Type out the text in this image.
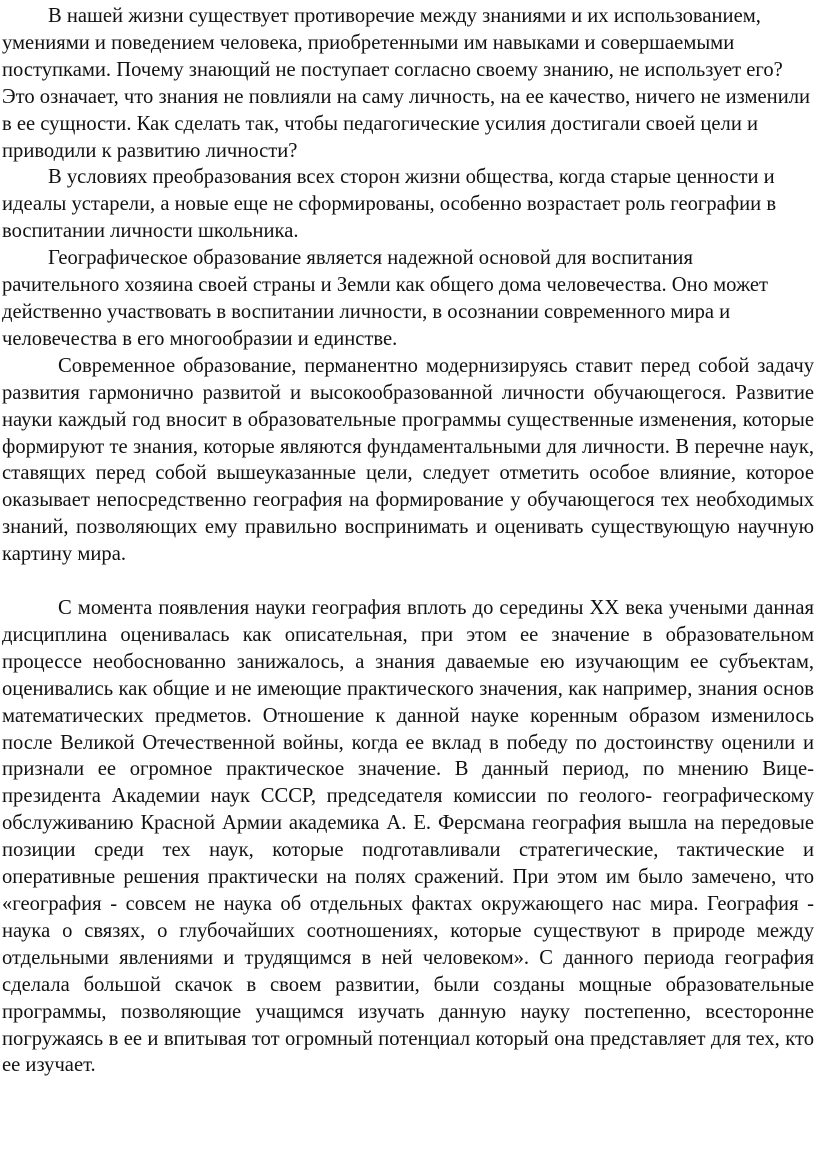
В нашей жизни существует противоречие между знаниями и их использованием, умениями и поведением человека, приобретенными им навыками и совершаемыми поступками. Почему знающий не поступает согласно своему знанию, не использует его? Это означает, что знания не повлияли на саму личность, на ее качество, ничего не изменили в ее сущности. Как сделать так, чтобы педагогические усилия достигали своей цели и приводили к развитию личности?

В условиях преобразования всех сторон жизни общества, когда старые ценности и идеалы устарели, а новые еще не сформированы, особенно возрастает роль географии в воспитании личности школьника.

Географическое образование является надежной основой для воспитания рачительного хозяина своей страны и Земли как общего дома человечества. Оно может действенно участвовать в воспитании личности, в осознании современного мира и человечества в его многообразии и единстве.

Современное образование, перманентно модернизируясь ставит перед собой задачу развития гармонично развитой и высокообразованной личности обучающегося. Развитие науки каждый год вносит в образовательные программы существенные изменения, которые формируют те знания, которые являются фундаментальными для личности. В перечне наук, ставящих перед собой вышеуказанные цели, следует отметить особое влияние, которое оказывает непосредственно география на формирование у обучающегося тех необходимых знаний, позволяющих ему правильно воспринимать и оценивать существующую научную картину мира.

С момента появления науки география вплоть до середины XX века учеными данная дисциплина оценивалась как описательная, при этом ее значение в образовательном процессе необоснованно занижалось, а знания даваемые ею изучающим ее субъектам, оценивались как общие и не имеющие практического значения, как например, знания основ математических предметов. Отношение к данной науке коренным образом изменилось после Великой Отечественной войны, когда ее вклад в победу по достоинству оценили и признали ее огромное практическое значение. В данный период, по мнению Вице-президента Академии наук СССР, председателя комиссии по геолого- географическому обслуживанию Красной Армии академика А. Е. Ферсмана география вышла на передовые позиции среди тех наук, которые подготавливали стратегические, тактические и оперативные решения практически на полях сражений. При этом им было замечено, что «география - совсем не наука об отдельных фактах окружающего нас мира. География - наука о связях, о глубочайших соотношениях, которые существуют в природе между отдельными явлениями и трудящимся в ней человеком». С данного периода география сделала большой скачок в своем развитии, были созданы мощные образовательные программы, позволяющие учащимся изучать данную науку постепенно, всесторонне погружаясь в ее и впитывая тот огромный потенциал который она представляет для тех, кто ее изучает.
